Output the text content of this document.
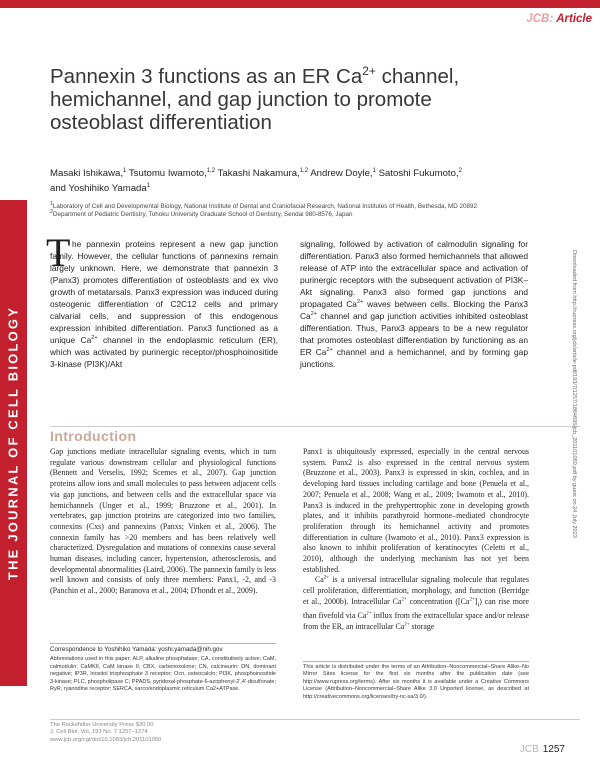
JCB: Article
THE JOURNAL OF CELL BIOLOGY
Pannexin 3 functions as an ER $Ca^{2+}$ channel, hemichannel, and gap junction to promote osteoblast differentiation
Masaki Ishikawa,$^1$ Tsutomu Iwamoto,$^{1,2}$ Takashi Nakamura,$^{1,2}$ Andrew Doyle,$^1$ Satoshi Fukumoto,$^2$
and Yoshihiko Yamada$^1$
$^1$Laboratory of Cell and Developmental Biology, National Institute of Dental and Craniofacial Research, National Institutes of Health, Bethesda, MD 20892
$^2$Department of Pediatric Dentistry, Tohoku University Graduate School of Dentistry, Sendai 980-8576, Japan
T he pannexin proteins represent a new gap junction family. However, the cellular functions of pannexins remain largely unknown. Here, we demonstrate that pannexin 3 (Panx3) promotes differentiation of osteoblasts and ex vivo growth of metatarsals. Panx3 expression was induced during osteogenic differentiation of C2C12 cells and primary calvarial cells, and suppression of this endogenous expression inhibited differentiation. Panx3 functioned as a unique $Ca^{2+}$ channel in the endoplasmic reticulum (ER), which was activated by purinergic receptor/phosphoinositide 3-kinase (PI3K)/Akt
signaling, followed by activation of calmodulin signaling for differentiation. Panx3 also formed hemichannels that allowed release of ATP into the extracellular space and activation of purinergic receptors with the subsequent activation of PI3K–Akt signaling. Panx3 also formed gap junctions and propagated $Ca^{2+}$ waves between cells. Blocking the Panx3 $Ca^{2+}$ channel and gap junction activities inhibited osteoblast differentiation. Thus, Panx3 appears to be a new regulator that promotes osteoblast differentiation by functioning as an ER $Ca^{2+}$ channel and a hemichannel, and by forming gap junctions.
Introduction

Gap junctions mediate intracellular signaling events, which in turn regulate various downstream cellular and physiological functions (Bennett and Verselis, 1992; Scemes et al., 2007). Gap junction proteins allow ions and small molecules to pass between adjacent cells via gap junctions, and between cells and the extracellular space via hemichannels (Unger et al., 1999; Bruzzone et al., 2001). In vertebrates, gap junction proteins are categorized into two families, connexins (Cxs) and pannexins (Panxs; Vinken et al., 2006). The connexin family has >20 members and has been relatively well characterized. Dysregulation and mutations of connexins cause several human diseases, including cancer, hypertension, atherosclerosis, and developmental abnormalities (Laird, 2006). The pannexin family is less well known and consists of only three members: Panx1, -2, and -3 (Panchin et al., 2000; Baranova et al., 2004; D'hondt et al., 2009).

Panx1 is ubiquitously expressed, especially in the central nervous system. Panx2 is also expressed in the central nervous system (Bruzzone et al., 2003). Panx3 is expressed in skin, cochlea, and in developing hard tissues including cartilage and bone (Penuela et al., 2007; Penuela et al., 2008; Wang et al., 2009; Iwamoto et al., 2010). Panx3 is induced in the prehypertrophic zone in developing growth plates, and it inhibits parathyroid hormone–mediated chondrocyte proliferation through its hemichannel activity and promotes differentiation in culture (Iwamoto et al., 2010). Panx3 expression is also known to inhibit proliferation of keratinocytes (Celetti et al., 2010), although the underlying mechanism has not yet been established.

$Ca^{2+}$ is a universal intracellular signaling molecule that regulates cell proliferation, differentiation, morphology, and function (Berridge et al., 2000b). Intracellular $Ca^{2+}$ concentration $([Ca^{2+}]_i)$ can rise more than fivefold via $Ca^{2+}$ influx from the extracellular space and/or release from the ER, an intracellular $Ca^{2+}$ storage

Correspondence to Yoshihiko Yamada: yoshi.yamada@nih.gov
Abbreviations used in this paper: ALP, alkaline phosphatase; CA, constitutively active; CaM, calmodulin; CaMKII, CaM kinase II; CBX, carbenoxolone; CN, calcineurin; DN, dominant negative; IP3R, inositol trisphosphate 3 receptor; Ocn, osteocalcin; PI3K, phosphoinositide 3-kinase; PLC, phospholipase C; PPADS, pyridoxal-phosphate-6-azophenyl-2',4'-disulfonate; RyR, ryanodine receptor; SERCA, sarco/endoplasmic reticulum Ca2+ATPase.
This article is distributed under the terms of an Attribution–Noncommercial–Share Alike–No Mirror Sites license for the first six months after the publication date (see http://www.rupress.org/terms). After six months it is available under a Creative Commons License (Attribution–Noncommercial–Share Alike 3.0 Unported license, as described at http://creativecommons.org/licenses/by-nc-sa/3.0/).
The Rockefeller University Press $30.00
J. Cell Biol. Vol. 193 No. 7 1257–1274
www.jcb.org/cgi/doi/10.1083/jcb.201101050
JCB 1257
Downloaded from http://rupress.org/jcb/article-pdf/193/7/1257/1864695/jcb_201101050.pdf by guest on 24 July 2023
